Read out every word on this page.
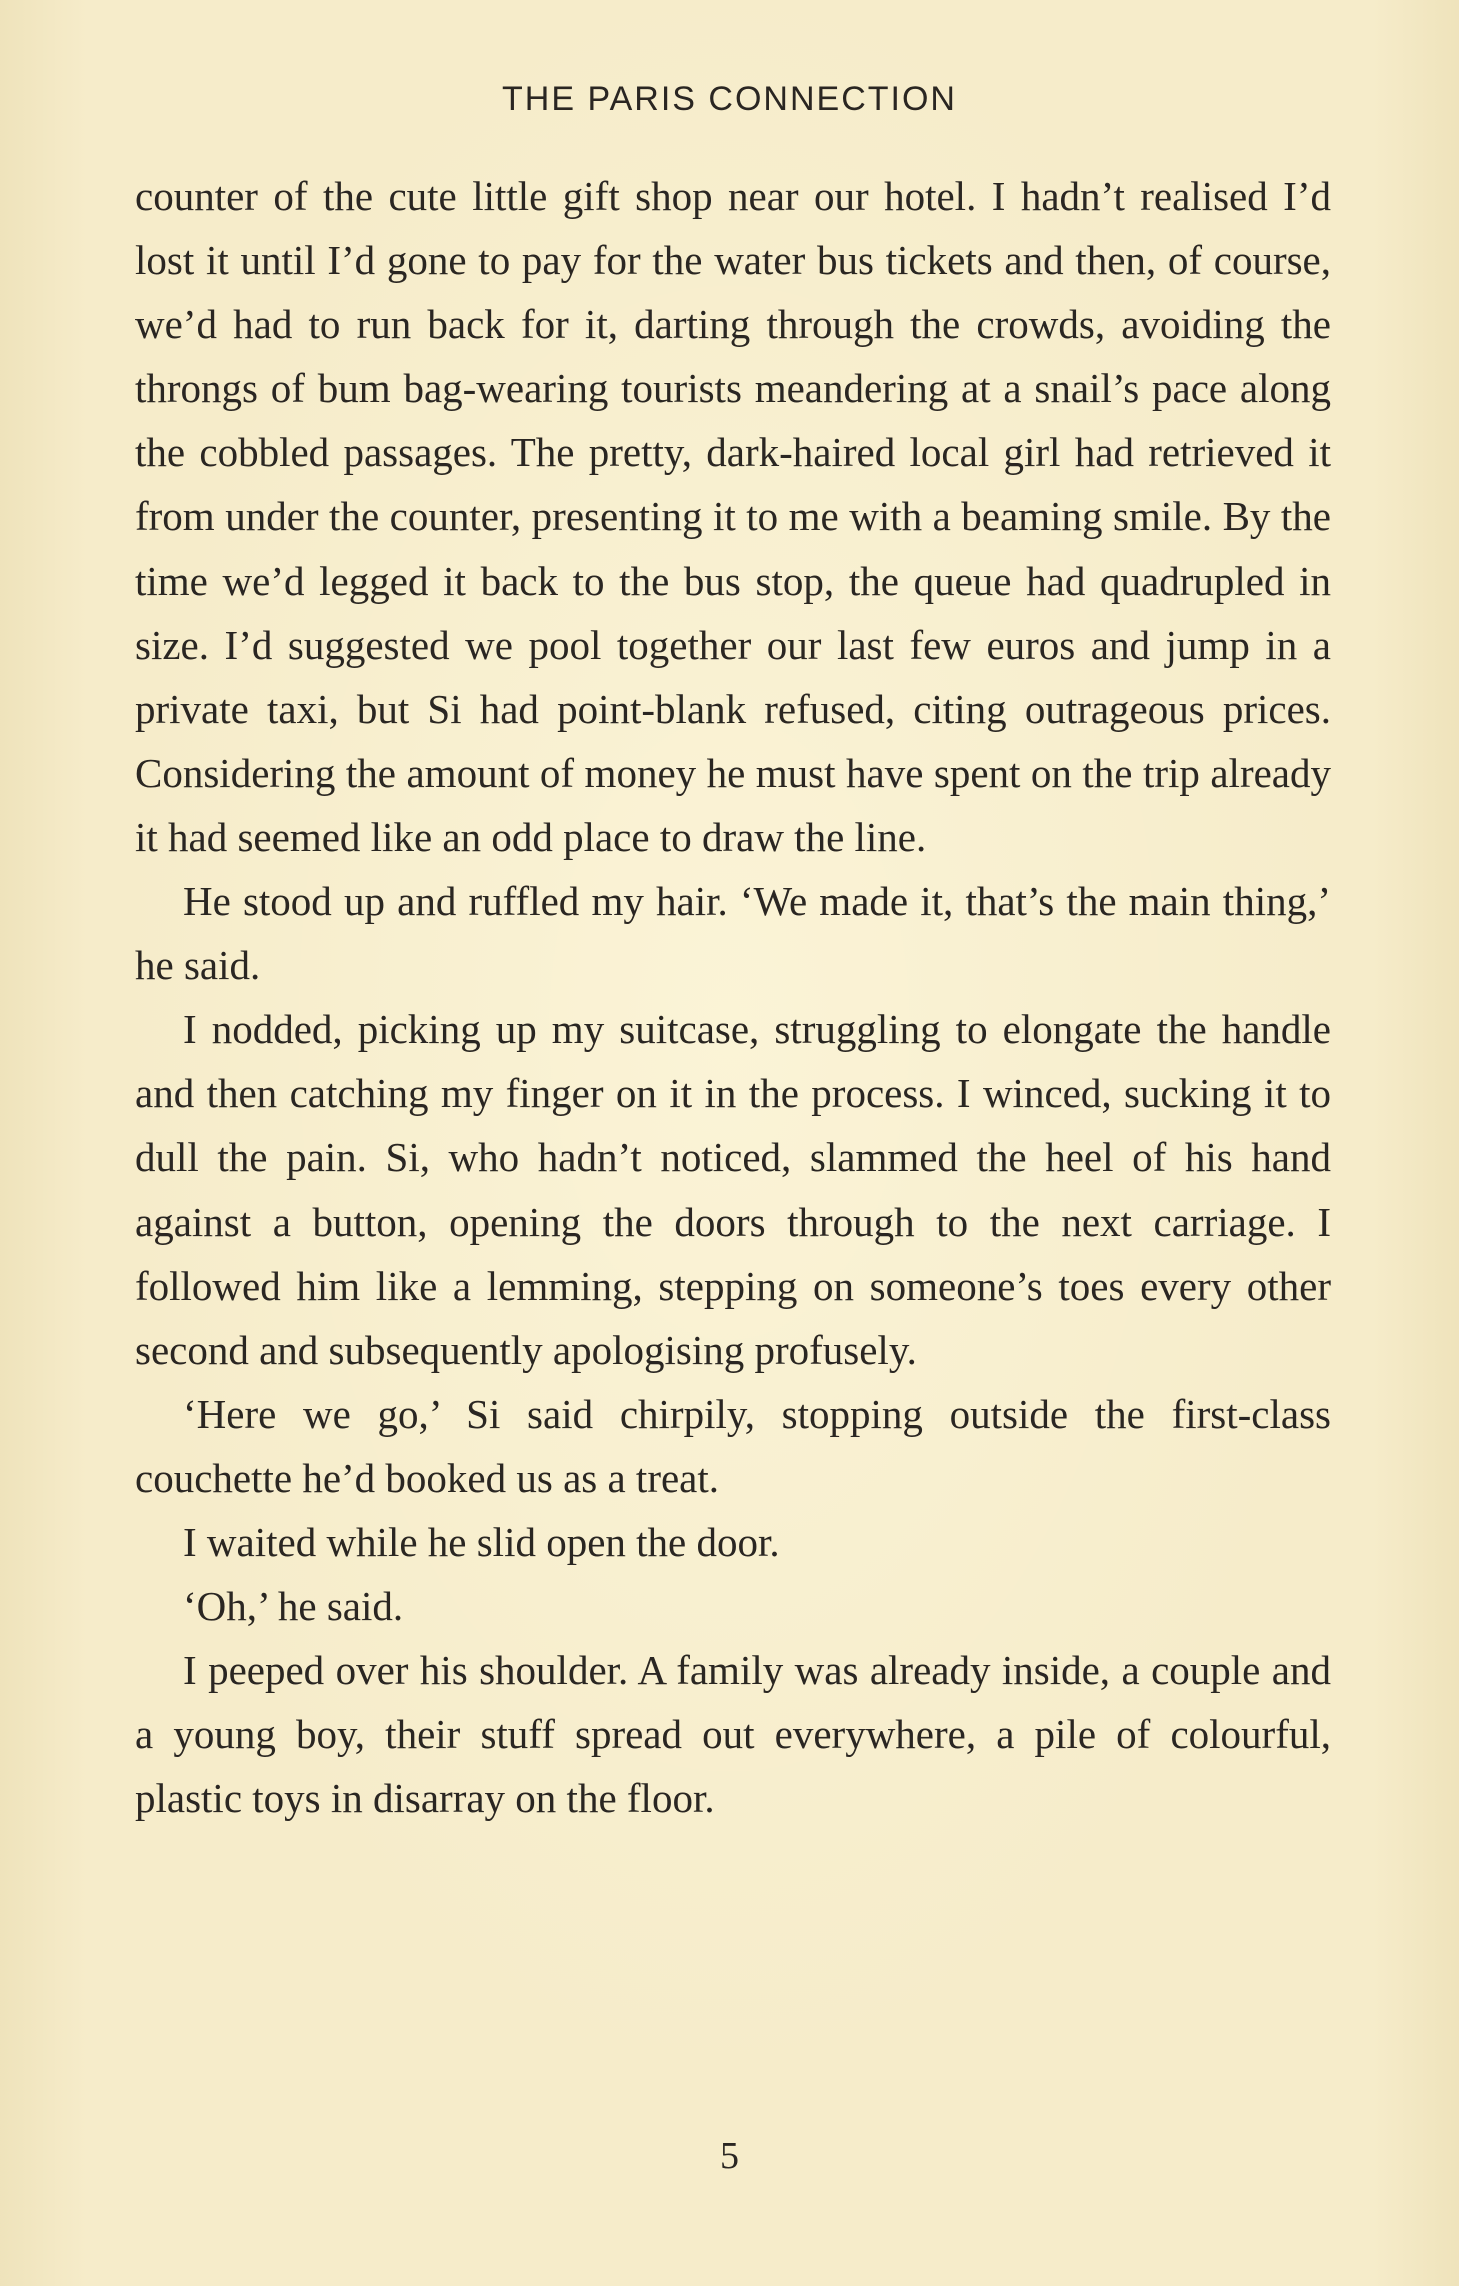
THE PARIS CONNECTION

counter of the cute little gift shop near our hotel. I hadn’t realised I’d lost it until I’d gone to pay for the water bus tickets and then, of course, we’d had to run back for it, darting through the crowds, avoiding the throngs of bum bag-wearing tourists meandering at a snail’s pace along the cobbled passages. The pretty, dark-haired local girl had retrieved it from under the counter, presenting it to me with a beaming smile. By the time we’d legged it back to the bus stop, the queue had quadrupled in size. I’d suggested we pool together our last few euros and jump in a private taxi, but Si had point-blank refused, citing outrageous prices. Considering the amount of money he must have spent on the trip already it had seemed like an odd place to draw the line.

He stood up and ruffled my hair. ‘We made it, that’s the main thing,’ he said.

I nodded, picking up my suitcase, struggling to elongate the handle and then catching my finger on it in the process. I winced, sucking it to dull the pain. Si, who hadn’t noticed, slammed the heel of his hand against a button, opening the doors through to the next carriage. I followed him like a lemming, stepping on someone’s toes every other second and subsequently apologising profusely.

‘Here we go,’ Si said chirpily, stopping outside the first-class couchette he’d booked us as a treat.

I waited while he slid open the door.

‘Oh,’ he said.

I peeped over his shoulder. A family was already inside, a couple and a young boy, their stuff spread out everywhere, a pile of colourful, plastic toys in disarray on the floor.

5
